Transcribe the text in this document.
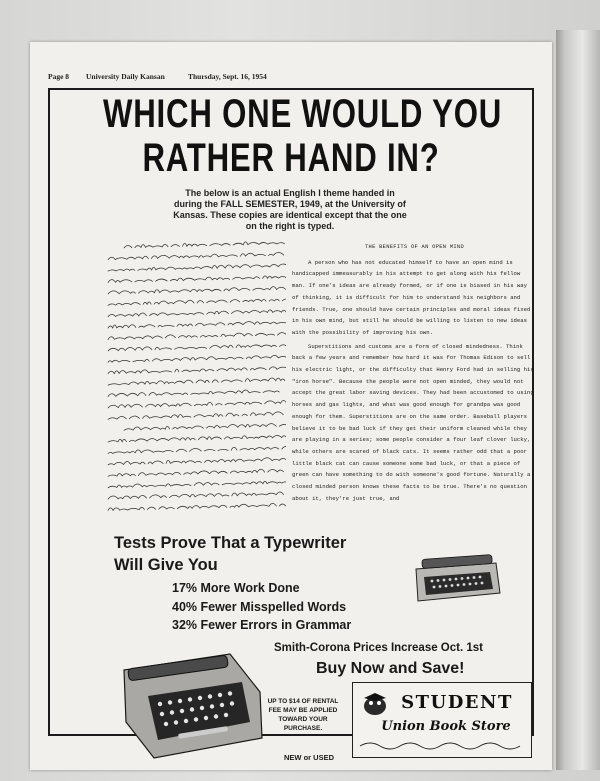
Page 8 University Daily Kansan	Thursday, Sept. 16, 1954
WHICH ONE WOULD YOU
RATHER HAND IN?
The below is an actual English I theme handed in during the FALL SEMESTER, 1949, at the University of Kansas. These copies are identical except that the one on the right is typed.
THE BENEFITS OF AN OPEN MIND

A person who has not educated himself to have an open mind is handicapped immeasurably in his attempt to get along with his fellow man. If one's ideas are already formed, or if one is biased in his way of thinking, it is difficult for him to understand his neighbors and friends. True, one should have certain principles and moral ideas fixed in his own mind, but still he should be willing to listen to new ideas with the possibility of improving his own.

Superstitions and customs are a form of closed mindedness. Think back a few years and remember how hard it was for Thomas Edison to sell his electric light, or the difficulty that Henry Ford had in selling his "iron horse". Because the people were not open minded, they would not accept the great labor saving devices. They had been accustomed to using horses and gas lights, and what was good enough for grandpa was good enough for them. Superstitions are on the same order. Baseball players believe it to be bad luck if they get their uniform cleaned while they are playing in a series; some people consider a four leaf clover lucky, while others are scared of black cats. It seems rather odd that a poor little black cat can cause someone some bad luck, or that a piece of green can have something to do with someone's good fortune. Naturally a closed minded person knows these facts to be true. There's no question about it, they're just true, and

Tests Prove That a Typewriter
Will Give You
17% More Work Done
40% Fewer Misspelled Words
32% Fewer Errors in Grammar
Smith-Corona Prices Increase Oct. 1st
Buy Now and Save!
UP TO $14 OF RENTAL FEE MAY BE APPLIED TOWARD YOUR PURCHASE.
NEW or USED
STUDENT
Union Book Store
